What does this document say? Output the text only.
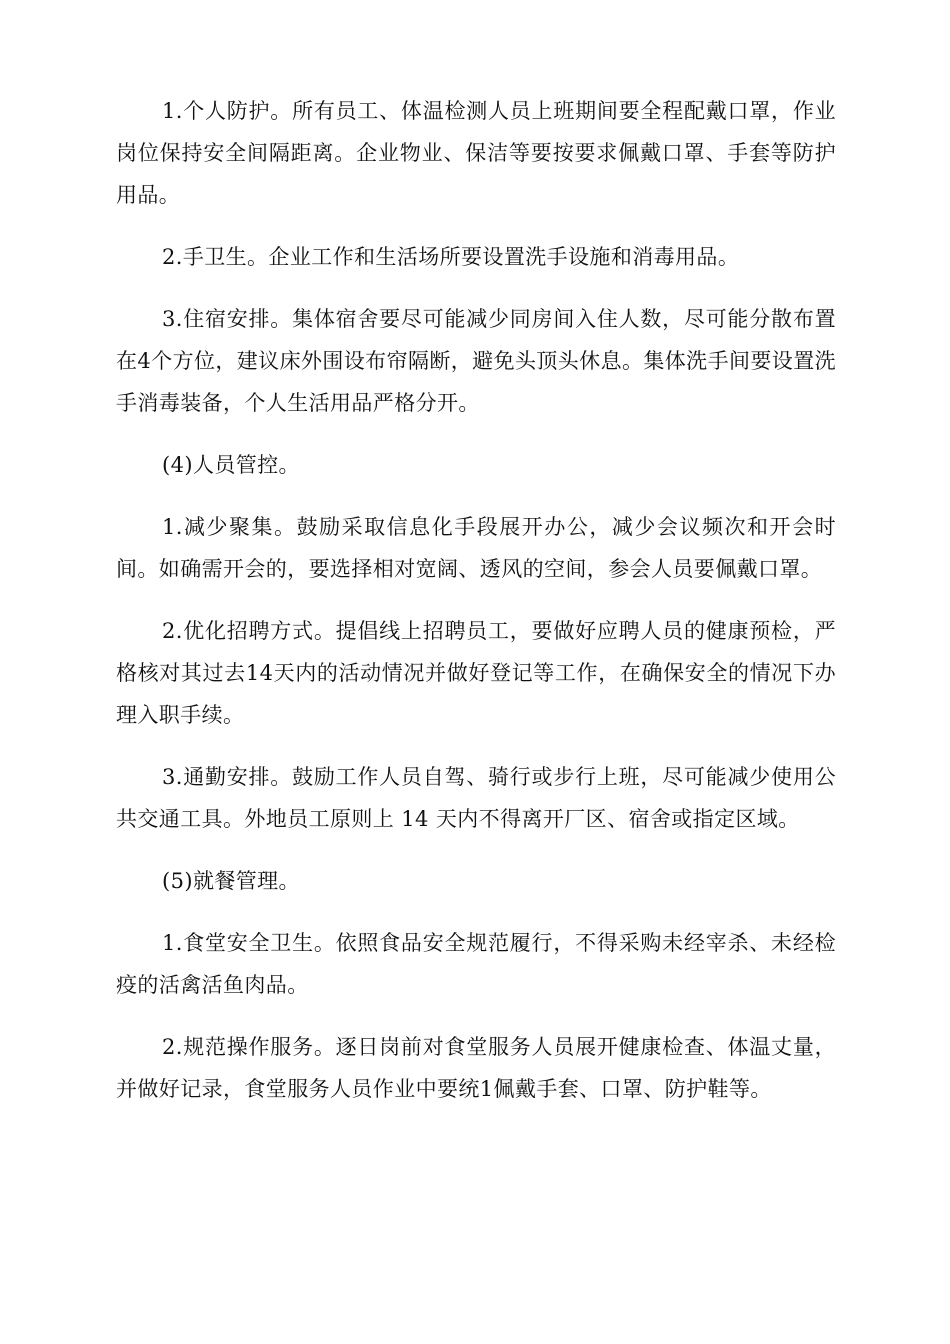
1.个人防护。所有员工、体温检测人员上班期间要全程配戴口罩，作业岗位保持安全间隔距离。企业物业、保洁等要按要求佩戴口罩、手套等防护用品。

2.手卫生。企业工作和生活场所要设置洗手设施和消毒用品。

3.住宿安排。集体宿舍要尽可能减少同房间入住人数，尽可能分散布置在4个方位，建议床外围设布帘隔断，避免头顶头休息。集体洗手间要设置洗手消毒装备，个人生活用品严格分开。

(4)人员管控。

1.减少聚集。鼓励采取信息化手段展开办公，减少会议频次和开会时间。如确需开会的，要选择相对宽阔、透风的空间，参会人员要佩戴口罩。

2.优化招聘方式。提倡线上招聘员工，要做好应聘人员的健康预检，严格核对其过去14天内的活动情况并做好登记等工作，在确保安全的情况下办理入职手续。

3.通勤安排。鼓励工作人员自驾、骑行或步行上班，尽可能减少使用公共交通工具。外地员工原则上 14 天内不得离开厂区、宿舍或指定区域。

(5)就餐管理。

1.食堂安全卫生。依照食品安全规范履行，不得采购未经宰杀、未经检疫的活禽活鱼肉品。

2.规范操作服务。逐日岗前对食堂服务人员展开健康检查、体温丈量，并做好记录，食堂服务人员作业中要统1佩戴手套、口罩、防护鞋等。
